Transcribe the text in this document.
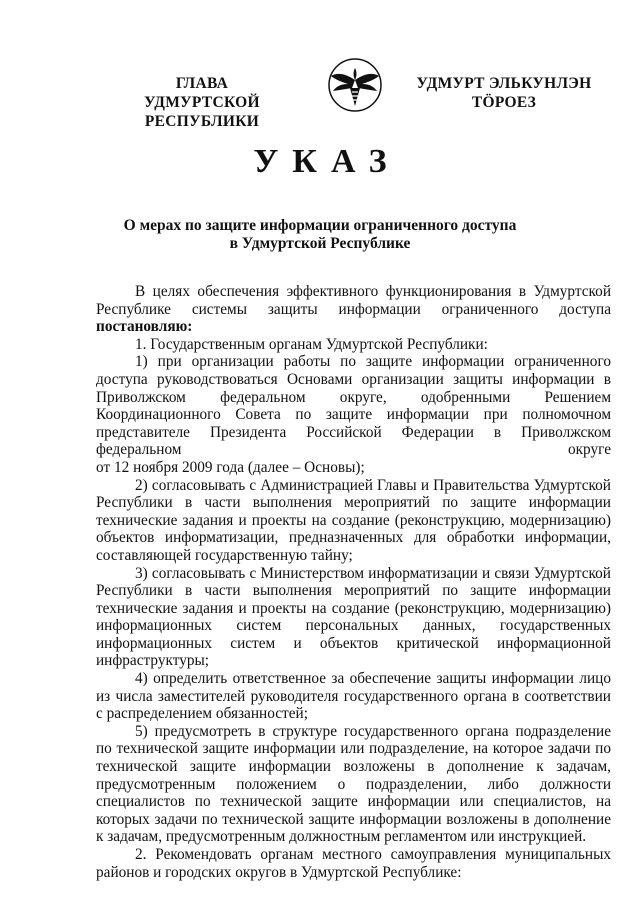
ГЛАВА
УДМУРТСКОЙ РЕСПУБЛИКИ
УДМУРТ ЭЛЬКУНЛЭН
ТӦРОЕЗ
УКАЗ
О мерах по защите информации ограниченного доступа
в Удмуртской Республике

В целях обеспечения эффективного функционирования в Удмуртской

Республике системы защиты информации ограниченного доступа

постановляю:

1. Государственным органам Удмуртской Республики:

1) при организации работы по защите информации ограниченного доступа руководствоваться Основами организации защиты информации в Приволжском федеральном округе, одобренными Решением Координационного Совета по защите информации при полномочном представителе Президента Российской Федерации в Приволжском федеральном округе

от 12 ноября 2009 года (далее – Основы);

2) согласовывать с Администрацией Главы и Правительства Удмуртской Республики в части выполнения мероприятий по защите информации технические задания и проекты на создание (реконструкцию, модернизацию) объектов информатизации, предназначенных для обработки информации, составляющей государственную тайну;

3) согласовывать с Министерством информатизации и связи Удмуртской Республики в части выполнения мероприятий по защите информации технические задания и проекты на создание (реконструкцию, модернизацию) информационных систем персональных данных, государственных информационных систем и объектов критической информационной инфраструктуры;

4) определить ответственное за обеспечение защиты информации лицо из числа заместителей руководителя государственного органа в соответствии с распределением обязанностей;

5) предусмотреть в структуре государственного органа подразделение по технической защите информации или подразделение, на которое задачи по технической защите информации возложены в дополнение к задачам, предусмотренным положением о подразделении, либо должности специалистов по технической защите информации или специалистов, на которых задачи по технической защите информации возложены в дополнение к задачам, предусмотренным должностным регламентом или инструкцией.

2. Рекомендовать органам местного самоуправления муниципальных районов и городских округов в Удмуртской Республике:
